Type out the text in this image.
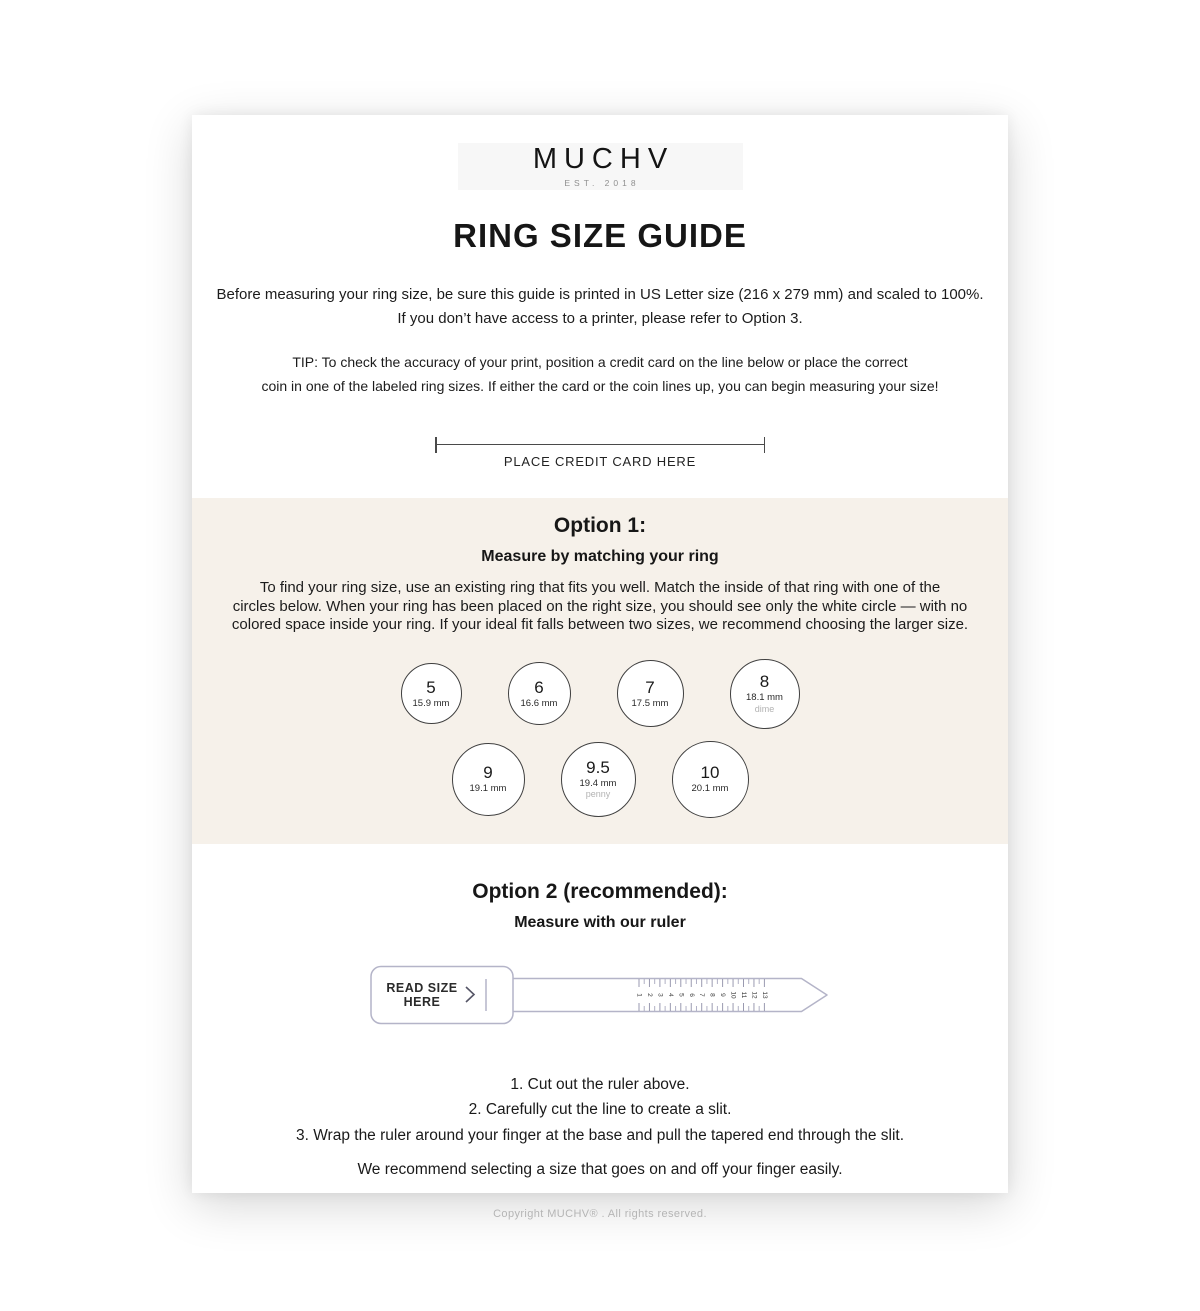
MUCHV
EST. 2018
RING SIZE GUIDE
Before measuring your ring size, be sure this guide is printed in US Letter size (216 x 279 mm) and scaled to 100%.
If you don’t have access to a printer, please refer to Option 3.
TIP: To check the accuracy of your print, position a credit card on the line below or place the correct
coin in one of the labeled ring sizes. If either the card or the coin lines up, you can begin measuring your size!
PLACE CREDIT CARD HERE
Option 1:
Measure by matching your ring
To find your ring size, use an existing ring that fits you well. Match the inside of that ring with one of the
circles below. When your ring has been placed on the right size, you should see only the white circle — with no
colored space inside your ring. If your ideal fit falls between two sizes, we recommend choosing the larger size.
5
15.9 mm
6
16.6 mm
7
17.5 mm
8
18.1 mm
dime
9
19.1 mm
9.5
19.4 mm
penny
10
20.1 mm
Option 2 (recommended):
Measure with our ruler
READ SIZE
HERE	1 2 3 4 5 6 7 8 9 10 11 12 13
1. Cut out the ruler above.
2. Carefully cut the line to create a slit.
3. Wrap the ruler around your finger at the base and pull the tapered end through the slit.
We recommend selecting a size that goes on and off your finger easily.
Copyright MUCHV® . All rights reserved.
